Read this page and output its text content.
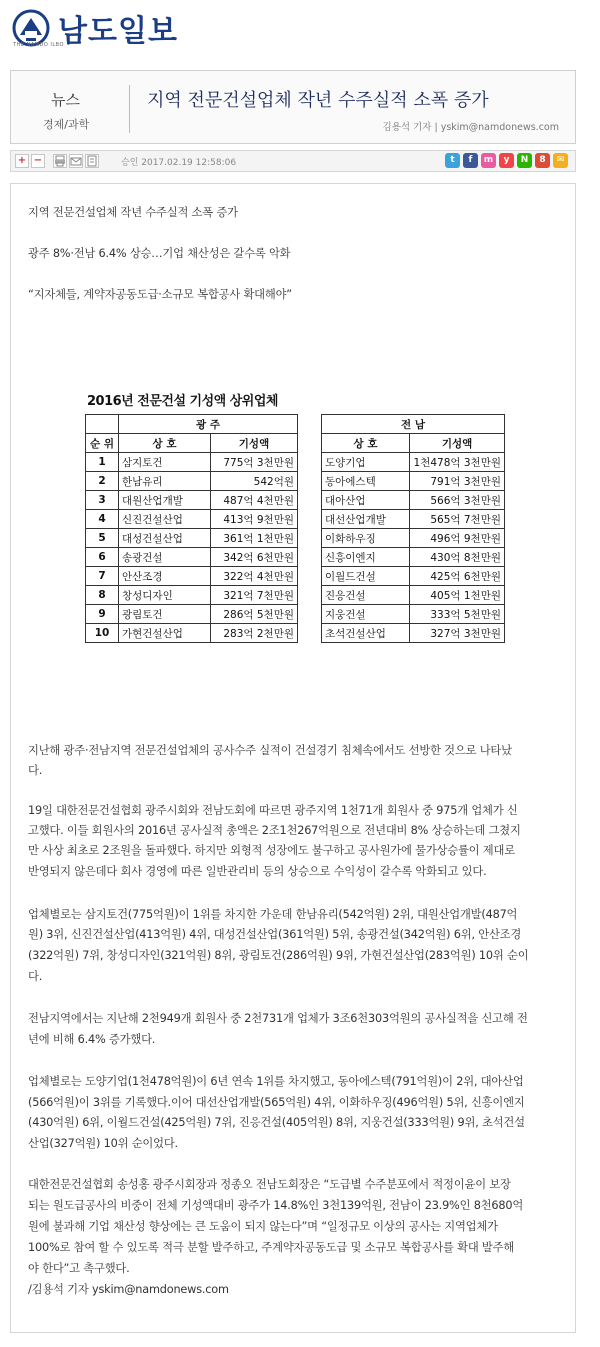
남도일보
THE NAMDO ILBO
뉴스
경제/과학
지역 전문건설업체 작년 수주실적 소폭 증가
김용석 기자 | yskim@namdonews.com
+ −	승인 2017.02.19 12:58:06	t	f	m	y	N	8	✉
지역 전문건설업체 작년 수주실적 소폭 증가
광주 8%·전남 6.4% 상승…기업 채산성은 갈수록 악화
“지자체들, 계약자공동도급·소규모 복합공사 확대해야”
2016년 전문건설 기성액 상위업체
	광 주	
순 위	상 호	기성액
1	삼지토건	775억 3천만원
2	한남유리	542억원
3	대원산업개발	487억 4천만원
4	신진건설산업	413억 9천만원
5	대성건설산업	361억 1천만원
6	송광건설	342억 6천만원
7	안산조경	322억 4천만원
8	창성디자인	321억 7천만원
9	광림토건	286억 5천만원
10	가현건설산업	283억 2천만원
전 남	
상 호	기성액
도양기업	1천478억 3천만원
동아에스텍	791억 3천만원
대아산업	566억 3천만원
대선산업개발	565억 7천만원
이화하우징	496억 9천만원
신흥이엔지	430억 8천만원
이월드건설	425억 6천만원
진응건설	405억 1천만원
지웅건설	333억 5천만원
초석건설산업	327억 3천만원
지난해 광주·전남지역 전문건설업체의 공사수주 실적이 건설경기 침체속에서도 선방한 것으로 나타났
다.
19일 대한전문건설협회 광주시회와 전남도회에 따르면 광주지역 1천71개 회원사 중 975개 업체가 신
고했다. 이들 회원사의 2016년 공사실적 총액은 2조1천267억원으로 전년대비 8% 상승하는데 그쳤지
만 사상 최초로 2조원을 돌파했다. 하지만 외형적 성장에도 불구하고 공사원가에 물가상승률이 제대로
반영되지 않은데다 회사 경영에 따른 일반관리비 등의 상승으로 수익성이 갈수록 악화되고 있다.
업체별로는 삼지토건(775억원)이 1위를 차지한 가운데 한남유리(542억원) 2위, 대원산업개발(487억
원) 3위, 신진건설산업(413억원) 4위, 대성건설산업(361억원) 5위, 송광건설(342억원) 6위, 안산조경
(322억원) 7위, 창성디자인(321억원) 8위, 광림토건(286억원) 9위, 가현건설산업(283억원) 10위 순이
다.
전남지역에서는 지난해 2천949개 회원사 중 2천731개 업체가 3조6천303억원의 공사실적을 신고해 전
년에 비해 6.4% 증가했다.
업체별로는 도양기업(1천478억원)이 6년 연속 1위를 차지했고, 동아에스텍(791억원)이 2위, 대아산업
(566억원)이 3위를 기록했다.이어 대선산업개발(565억원) 4위, 이화하우징(496억원) 5위, 신흥이엔지
(430억원) 6위, 이월드건설(425억원) 7위, 진응건설(405억원) 8위, 지웅건설(333억원) 9위, 초석건설
산업(327억원) 10위 순이었다.
대한전문건설협회 송성홍 광주시회장과 정종오 전남도회장은 “도급별 수주분포에서 적정이윤이 보장
되는 원도급공사의 비중이 전체 기성액대비 광주가 14.8%인 3천139억원, 전남이 23.9%인 8천680억
원에 불과해 기업 채산성 향상에는 큰 도움이 되지 않는다”며 “일정규모 이상의 공사는 지역업체가
100%로 참여 할 수 있도록 적극 분할 발주하고, 주계약자공동도급 및 소규모 복합공사를 확대 발주해
야 한다”고 촉구했다.
/김용석 기자 yskim@namdonews.com
